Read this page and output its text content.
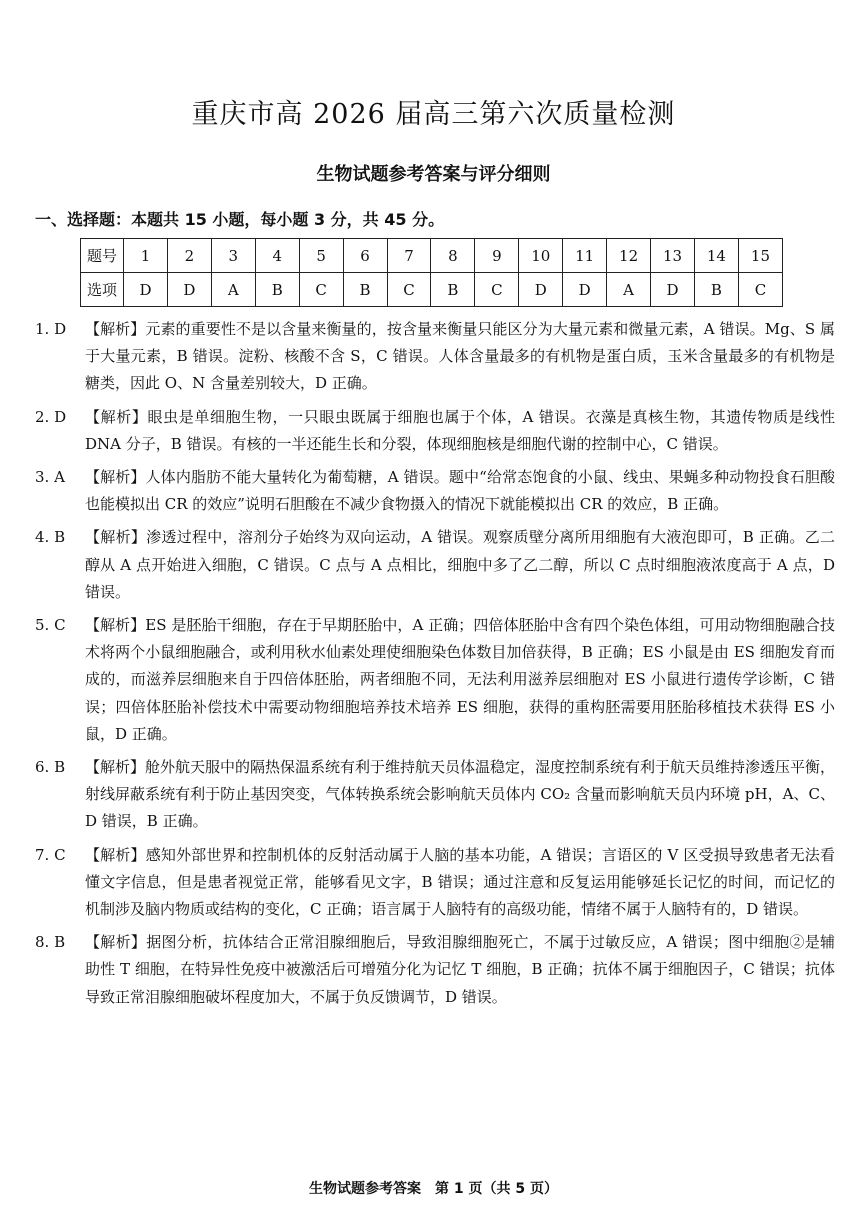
重庆市高 2026 届高三第六次质量检测
生物试题参考答案与评分细则
一、选择题：本题共 15 小题，每小题 3 分，共 45 分。
题号	1	2	3	4	5	6	7	8	9	10	11	12	13	14	15
选项	D	D	A	B	C	B	C	B	C	D	D	A	D	B	C
1. D	【解析】元素的重要性不是以含量来衡量的，按含量来衡量只能区分为大量元素和微量元素，A 错误。Mg、S 属于大量元素，B 错误。淀粉、核酸不含 S，C 错误。人体含量最多的有机物是蛋白质，玉米含量最多的有机物是糖类，因此 O、N 含量差别较大，D 正确。
2. D	【解析】眼虫是单细胞生物，一只眼虫既属于细胞也属于个体，A 错误。衣藻是真核生物，其遗传物质是线性 DNA 分子，B 错误。有核的一半还能生长和分裂，体现细胞核是细胞代谢的控制中心，C 错误。
3. A	【解析】人体内脂肪不能大量转化为葡萄糖，A 错误。题中“给常态饱食的小鼠、线虫、果蝇多种动物投食石胆酸也能模拟出 CR 的效应”说明石胆酸在不减少食物摄入的情况下就能模拟出 CR 的效应，B 正确。
4. B	【解析】渗透过程中，溶剂分子始终为双向运动，A 错误。观察质壁分离所用细胞有大液泡即可，B 正确。乙二醇从 A 点开始进入细胞，C 错误。C 点与 A 点相比，细胞中多了乙二醇，所以 C 点时细胞液浓度高于 A 点，D 错误。
5. C	【解析】ES 是胚胎干细胞，存在于早期胚胎中，A 正确；四倍体胚胎中含有四个染色体组，可用动物细胞融合技术将两个小鼠细胞融合，或利用秋水仙素处理使细胞染色体数目加倍获得，B 正确；ES 小鼠是由 ES 细胞发育而成的，而滋养层细胞来自于四倍体胚胎，两者细胞不同，无法利用滋养层细胞对 ES 小鼠进行遗传学诊断，C 错误；四倍体胚胎补偿技术中需要动物细胞培养技术培养 ES 细胞，获得的重构胚需要用胚胎移植技术获得 ES 小鼠，D 正确。
6. B	【解析】舱外航天服中的隔热保温系统有利于维持航天员体温稳定，湿度控制系统有利于航天员维持渗透压平衡，射线屏蔽系统有利于防止基因突变，气体转换系统会影响航天员体内 CO₂ 含量而影响航天员内环境 pH，A、C、D 错误，B 正确。
7. C	【解析】感知外部世界和控制机体的反射活动属于人脑的基本功能，A 错误；言语区的 V 区受损导致患者无法看懂文字信息，但是患者视觉正常，能够看见文字，B 错误；通过注意和反复运用能够延长记忆的时间，而记忆的机制涉及脑内物质或结构的变化，C 正确；语言属于人脑特有的高级功能，情绪不属于人脑特有的，D 错误。
8. B	【解析】据图分析，抗体结合正常泪腺细胞后，导致泪腺细胞死亡，不属于过敏反应，A 错误；图中细胞②是辅助性 T 细胞，在特异性免疫中被激活后可增殖分化为记忆 T 细胞，B 正确；抗体不属于细胞因子，C 错误；抗体导致正常泪腺细胞破坏程度加大，不属于负反馈调节，D 错误。
生物试题参考答案　第 1 页（共 5 页）
